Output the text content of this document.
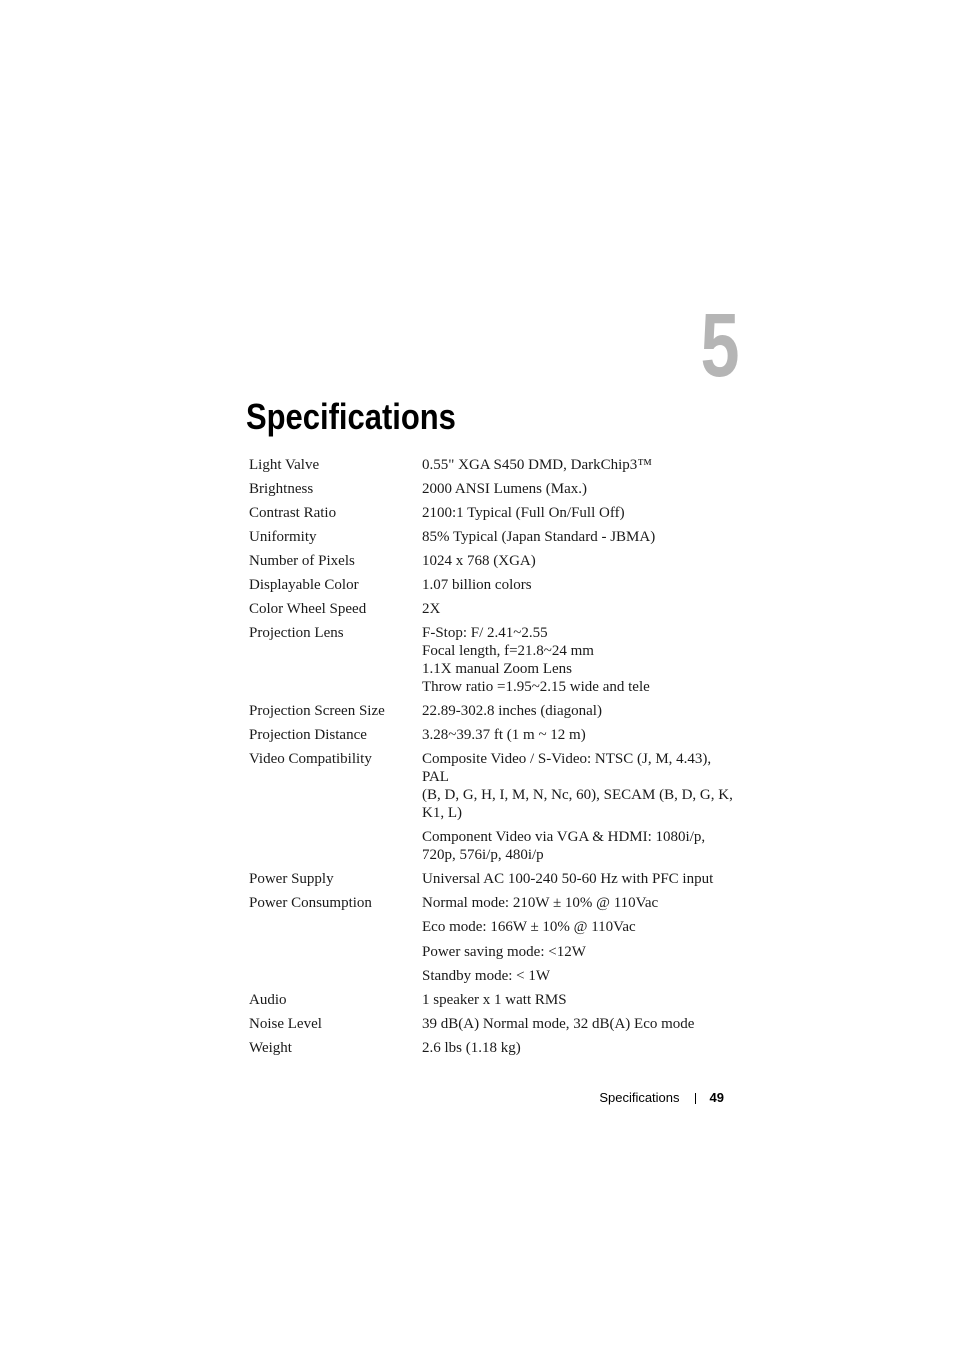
5
Specifications
Light Valve	0.55" XGA S450 DMD, DarkChip3™
Brightness	2000 ANSI Lumens (Max.)
Contrast Ratio	2100:1 Typical (Full On/Full Off)
Uniformity	85% Typical (Japan Standard - JBMA)
Number of Pixels	1024 x 768 (XGA)
Displayable Color	1.07 billion colors
Color Wheel Speed	2X
Projection Lens	F-Stop: F/ 2.41~2.55
Focal length, f=21.8~24 mm
1.1X manual Zoom Lens
Throw ratio =1.95~2.15 wide and tele
Projection Screen Size	22.89-302.8 inches (diagonal)
Projection Distance	3.28~39.37 ft (1 m ~ 12 m)
Video Compatibility	Composite Video / S-Video: NTSC (J, M, 4.43), PAL
(B, D, G, H, I, M, N, Nc, 60), SECAM (B, D, G, K,
K1, L)
Component Video via VGA & HDMI: 1080i/p,
720p, 576i/p, 480i/p
Power Supply	Universal AC 100-240 50-60 Hz with PFC input
Power Consumption	Normal mode: 210W ± 10% @ 110Vac
Eco mode: 166W ± 10% @ 110Vac
Power saving mode: <12W
Standby mode: < 1W
Audio	1 speaker x 1 watt RMS
Noise Level	39 dB(A) Normal mode, 32 dB(A) Eco mode
Weight	2.6 lbs (1.18 kg)
Specifications 49
